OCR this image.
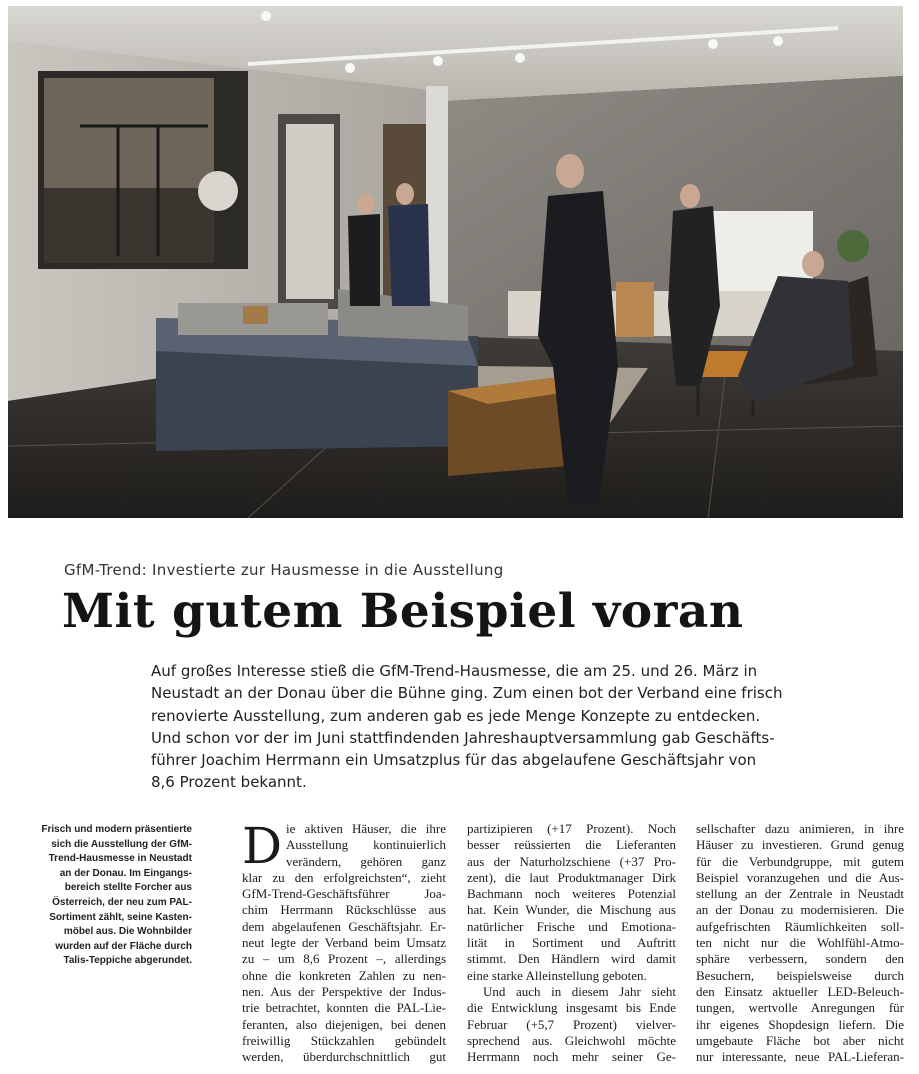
GfM-Trend: Investierte zur Hausmesse in die Ausstellung
Mit gutem Beispiel voran

Auf großes Interesse stieß die GfM-Trend-Hausmesse, die am 25. und 26. März in

Neustadt an der Donau über die Bühne ging. Zum einen bot der Verband eine frisch

renovierte Ausstellung, zum anderen gab es jede Menge Konzepte zu entdecken.

Und schon vor der im Juni stattfindenden Jahreshauptversammlung gab Geschäfts-

führer Joachim Herrmann ein Umsatzplus für das abgelaufene Geschäftsjahr von

8,6 Prozent bekannt.

Frisch und modern präsentierte

sich die Ausstellung der GfM-

Trend-Hausmesse in Neustadt

an der Donau. Im Eingangs-

bereich stellte Forcher aus

Österreich, der neu zum PAL-

Sortiment zählt, seine Kasten-

möbel aus. Die Wohnbilder

wurden auf der Fläche durch

Talis-Teppiche abgerundet.

D ie aktiven Häuser, die ihre

Ausstellung kontinuierlich

verändern, gehören ganz

klar zu den erfolgreichsten“, zieht

GfM-Trend-Geschäftsführer Joa-

chim Herrmann Rückschlüsse aus

dem abgelaufenen Geschäftsjahr. Er-

neut legte der Verband beim Umsatz

zu – um 8,6 Prozent –, allerdings

ohne die konkreten Zahlen zu nen-

nen. Aus der Perspektive der Indus-

trie betrachtet, konnten die PAL-Lie-

feranten, also diejenigen, bei denen

freiwillig Stückzahlen gebündelt

werden, überdurchschnittlich gut

partizipieren (+17 Prozent). Noch

besser reüssierten die Lieferanten

aus der Naturholzschiene (+37 Pro-

zent), die laut Produktmanager Dirk

Bachmann noch weiteres Potenzial

hat. Kein Wunder, die Mischung aus

natürlicher Frische und Emotiona-

lität in Sortiment und Auftritt

stimmt. Den Händlern wird damit

eine starke Alleinstellung geboten.

Und auch in diesem Jahr sieht

die Entwicklung insgesamt bis Ende

Februar (+5,7 Prozent) vielver-

sprechend aus. Gleichwohl möchte

Herrmann noch mehr seiner Ge-

sellschafter dazu animieren, in ihre

Häuser zu investieren. Grund genug

für die Verbundgruppe, mit gutem

Beispiel voranzugehen und die Aus-

stellung an der Zentrale in Neustadt

an der Donau zu modernisieren. Die

aufgefrischten Räumlichkeiten soll-

ten nicht nur die Wohlfühl-Atmo-

sphäre verbessern, sondern den

Besuchern, beispielsweise durch

den Einsatz aktueller LED-Beleuch-

tungen, wertvolle Anregungen für

ihr eigenes Shopdesign liefern. Die

umgebaute Fläche bot aber nicht

nur interessante, neue PAL-Lieferan-
